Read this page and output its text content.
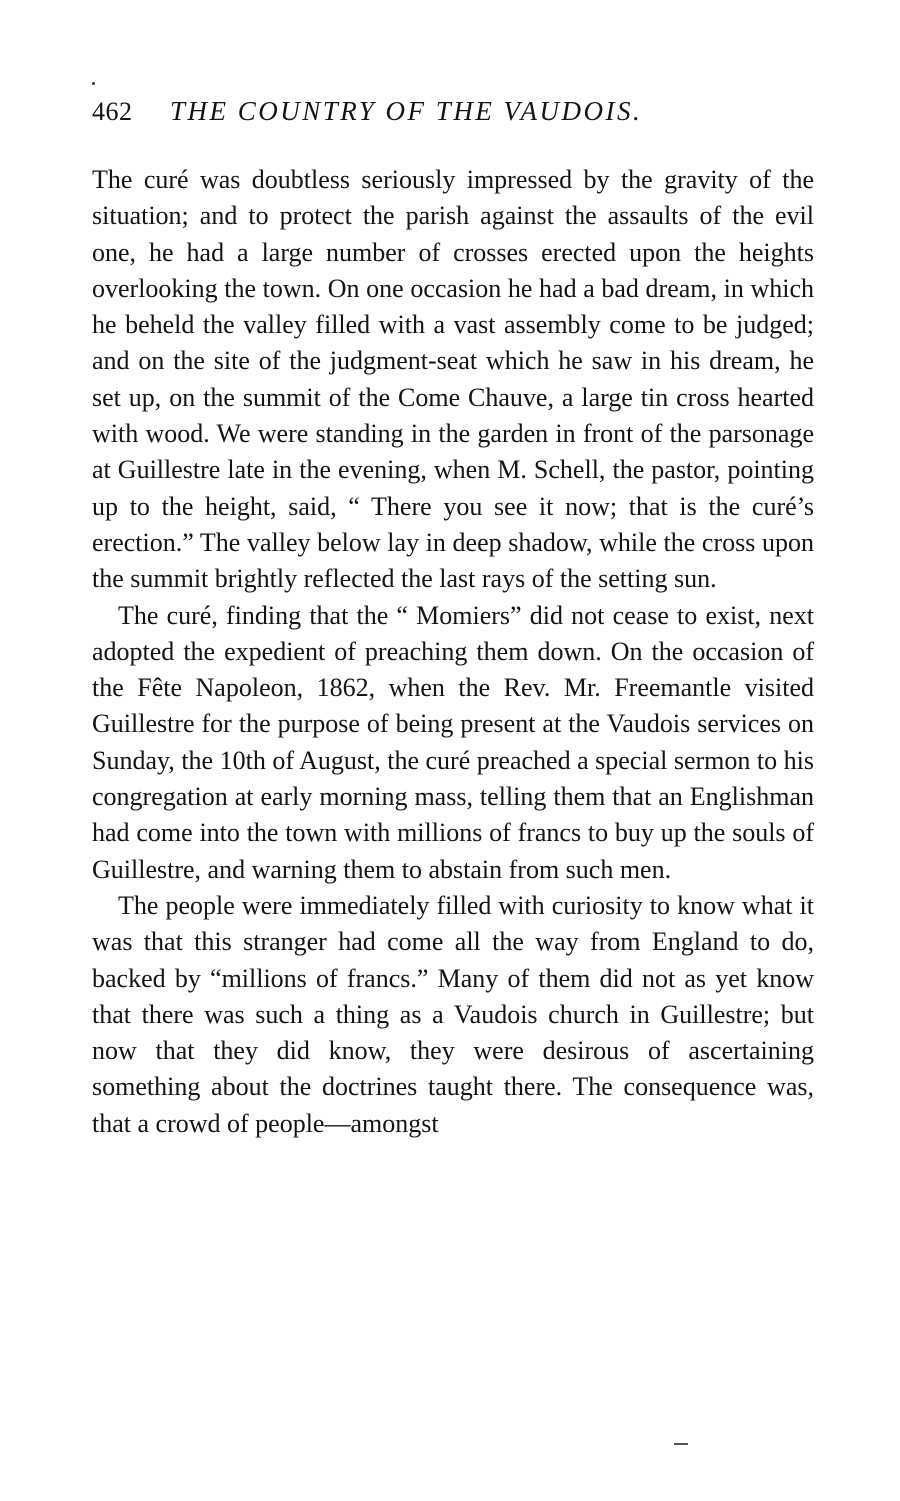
462	THE COUNTRY OF THE VAUDOIS.

The curé was doubtless seriously impressed by the gravity of the situation; and to protect the parish against the assaults of the evil one, he had a large number of crosses erected upon the heights overlooking the town. On one occasion he had a bad dream, in which he beheld the valley filled with a vast assembly come to be judged; and on the site of the judgment-seat which he saw in his dream, he set up, on the summit of the Come Chauve, a large tin cross hearted with wood. We were standing in the garden in front of the parsonage at Guillestre late in the evening, when M. Schell, the pastor, pointing up to the height, said, “ There you see it now; that is the curé’s erection.” The valley below lay in deep shadow, while the cross upon the summit brightly reflected the last rays of the setting sun.

The curé, finding that the “ Momiers” did not cease to exist, next adopted the expedient of preaching them down. On the occasion of the Fête Napoleon, 1862, when the Rev. Mr. Freemantle visited Guillestre for the purpose of being present at the Vaudois services on Sunday, the 10th of August, the curé preached a special sermon to his congregation at early morning mass, telling them that an Englishman had come into the town with millions of francs to buy up the souls of Guillestre, and warning them to abstain from such men.

The people were immediately filled with curiosity to know what it was that this stranger had come all the way from England to do, backed by “millions of francs.” Many of them did not as yet know that there was such a thing as a Vaudois church in Guillestre; but now that they did know, they were desirous of ascertaining something about the doctrines taught there. The consequence was, that a crowd of people—amongst
